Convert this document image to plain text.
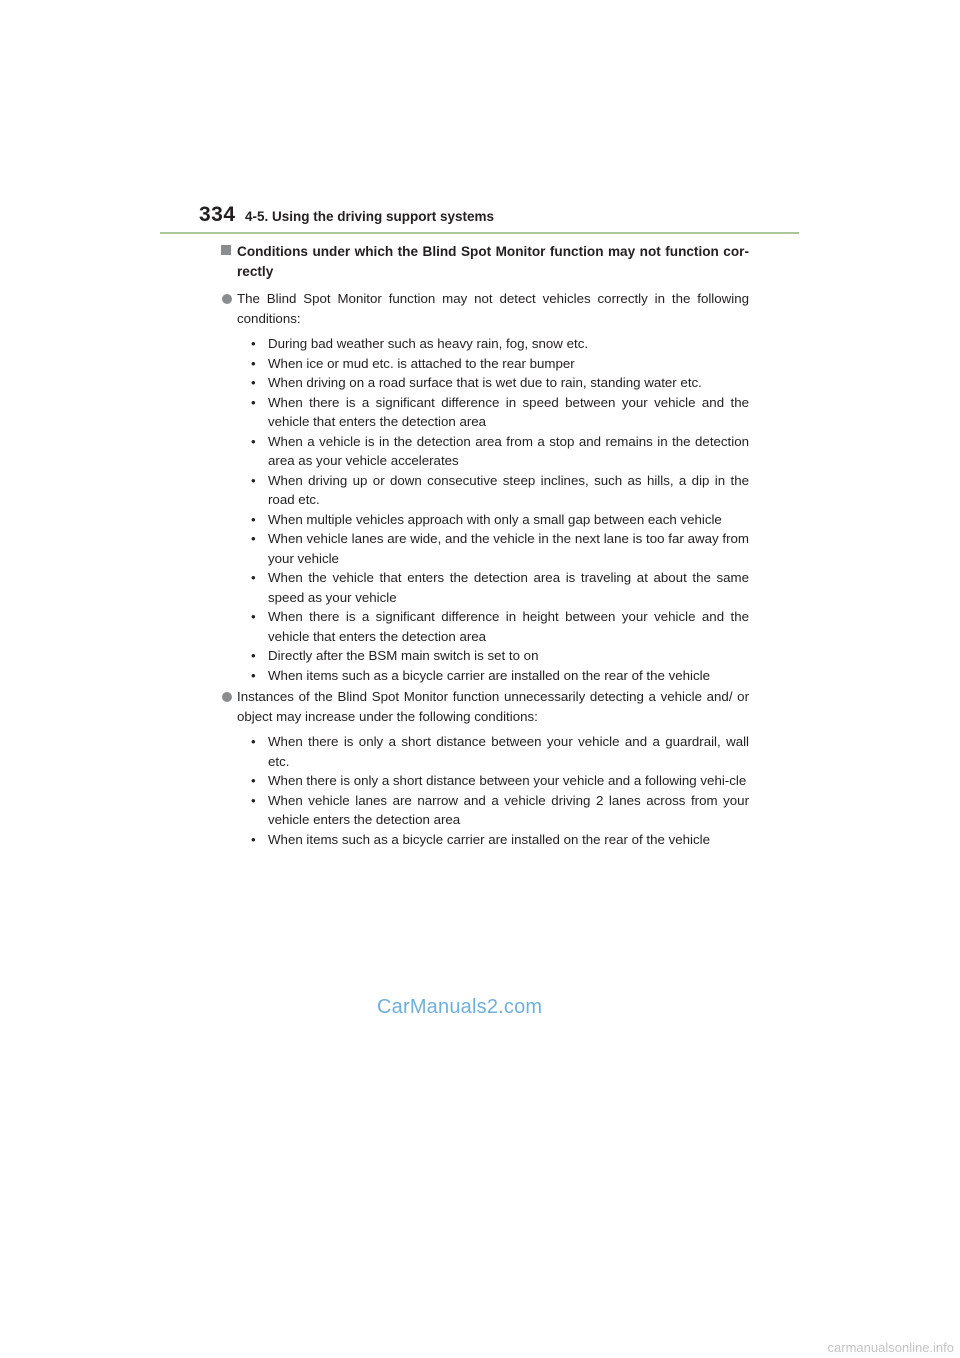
334 4-5. Using the driving support systems

Conditions under which the Blind Spot Monitor function may not function cor-rectly

The Blind Spot Monitor function may not detect vehicles correctly in the following conditions:

• During bad weather such as heavy rain, fog, snow etc.
• When ice or mud etc. is attached to the rear bumper
• When driving on a road surface that is wet due to rain, standing water etc.
• When there is a significant difference in speed between your vehicle and the vehicle that enters the detection area
• When a vehicle is in the detection area from a stop and remains in the detection area as your vehicle accelerates
• When driving up or down consecutive steep inclines, such as hills, a dip in the road etc.
• When multiple vehicles approach with only a small gap between each vehicle
• When vehicle lanes are wide, and the vehicle in the next lane is too far away from your vehicle
• When the vehicle that enters the detection area is traveling at about the same speed as your vehicle
• When there is a significant difference in height between your vehicle and the vehicle that enters the detection area
• Directly after the BSM main switch is set to on
• When items such as a bicycle carrier are installed on the rear of the vehicle

Instances of the Blind Spot Monitor function unnecessarily detecting a vehicle and/ or object may increase under the following conditions:

• When there is only a short distance between your vehicle and a guardrail, wall etc.
• When there is only a short distance between your vehicle and a following vehi-cle
• When vehicle lanes are narrow and a vehicle driving 2 lanes across from your vehicle enters the detection area
• When items such as a bicycle carrier are installed on the rear of the vehicle
CarManuals2.com
carmanualsonline.info
